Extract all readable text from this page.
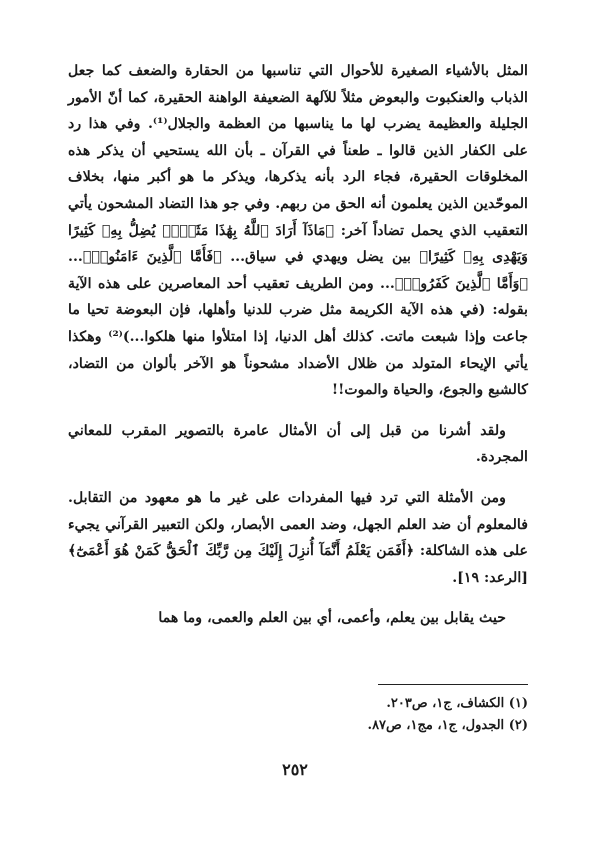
المثل بالأشياء الصغيرة للأحوال التي تناسبها من الحقارة والضعف كما جعل الذباب والعنكبوت والبعوض مثلاً للآلهة الضعيفة الواهنة الحقيرة، كما أنّ الأمور الجليلة والعظيمة يضرب لها ما يناسبها من العظمة والجلال⁽¹⁾. وفي هذا رد على الكفار الذين قالوا ـ طعناً في القرآن ـ بأن الله يستحيي أن يذكر هذه المخلوقات الحقيرة، فجاء الرد بأنه يذكرها، ويذكر ما هو أكبر منها، بخلاف الموحّدين الذين يعلمون أنه الحق من ربهم. وفي جو هذا التضاد المشحون يأتي التعقيب الذي يحمل تضاداً آخر: ﴿مَاذَآ أَرَادَ ٱللَّهُ بِهَٰذَا مَثَلًاۘ يُضِلُّ بِهِۦ كَثِيرًا وَيَهْدِى بِهِۦ كَثِيرًا﴾ بين يضل ويهدي في سياق... ﴿فَأَمَّا ٱلَّذِينَ ءَامَنُوا۟﴾... ﴿وَأَمَّا ٱلَّذِينَ كَفَرُوا۟﴾... ومن الطريف تعقيب أحد المعاصرين على هذه الآية بقوله: (في هذه الآية الكريمة مثل ضرب للدنيا وأهلها، فإن البعوضة تحيا ما جاعت وإذا شبعت ماتت. كذلك أهل الدنيا، إذا امتلأوا منها هلكوا...)⁽²⁾ وهكذا يأتي الإيحاء المتولد من ظلال الأضداد مشحوناً هو الآخر بألوان من التضاد، كالشبع والجوع، والحياة والموت!!

ولقد أشرنا من قبل إلى أن الأمثال عامرة بالتصوير المقرب للمعاني المجردة.

ومن الأمثلة التي ترد فيها المفردات على غير ما هو معهود من التقابل. فالمعلوم أن ضد العلم الجهل، وضد العمى الأبصار، ولكن التعبير القرآني يجيء على هذه الشاكلة: ﴿أَفَمَن يَعْلَمُ أَنَّمَآ أُنزِلَ إِلَيْكَ مِن رَّبِّكَ ٱلْحَقُّ كَمَنْ هُوَ أَعْمَىٰٓ﴾ [الرعد: ١٩].

حيث يقابل بين يعلم، وأعمى، أي بين العلم والعمى، وما هما

(١) الكشاف، ج١، ص٢٠٣.

(٢) الجدول، ج١، مج١، ص٨٧.

٢٥٢
